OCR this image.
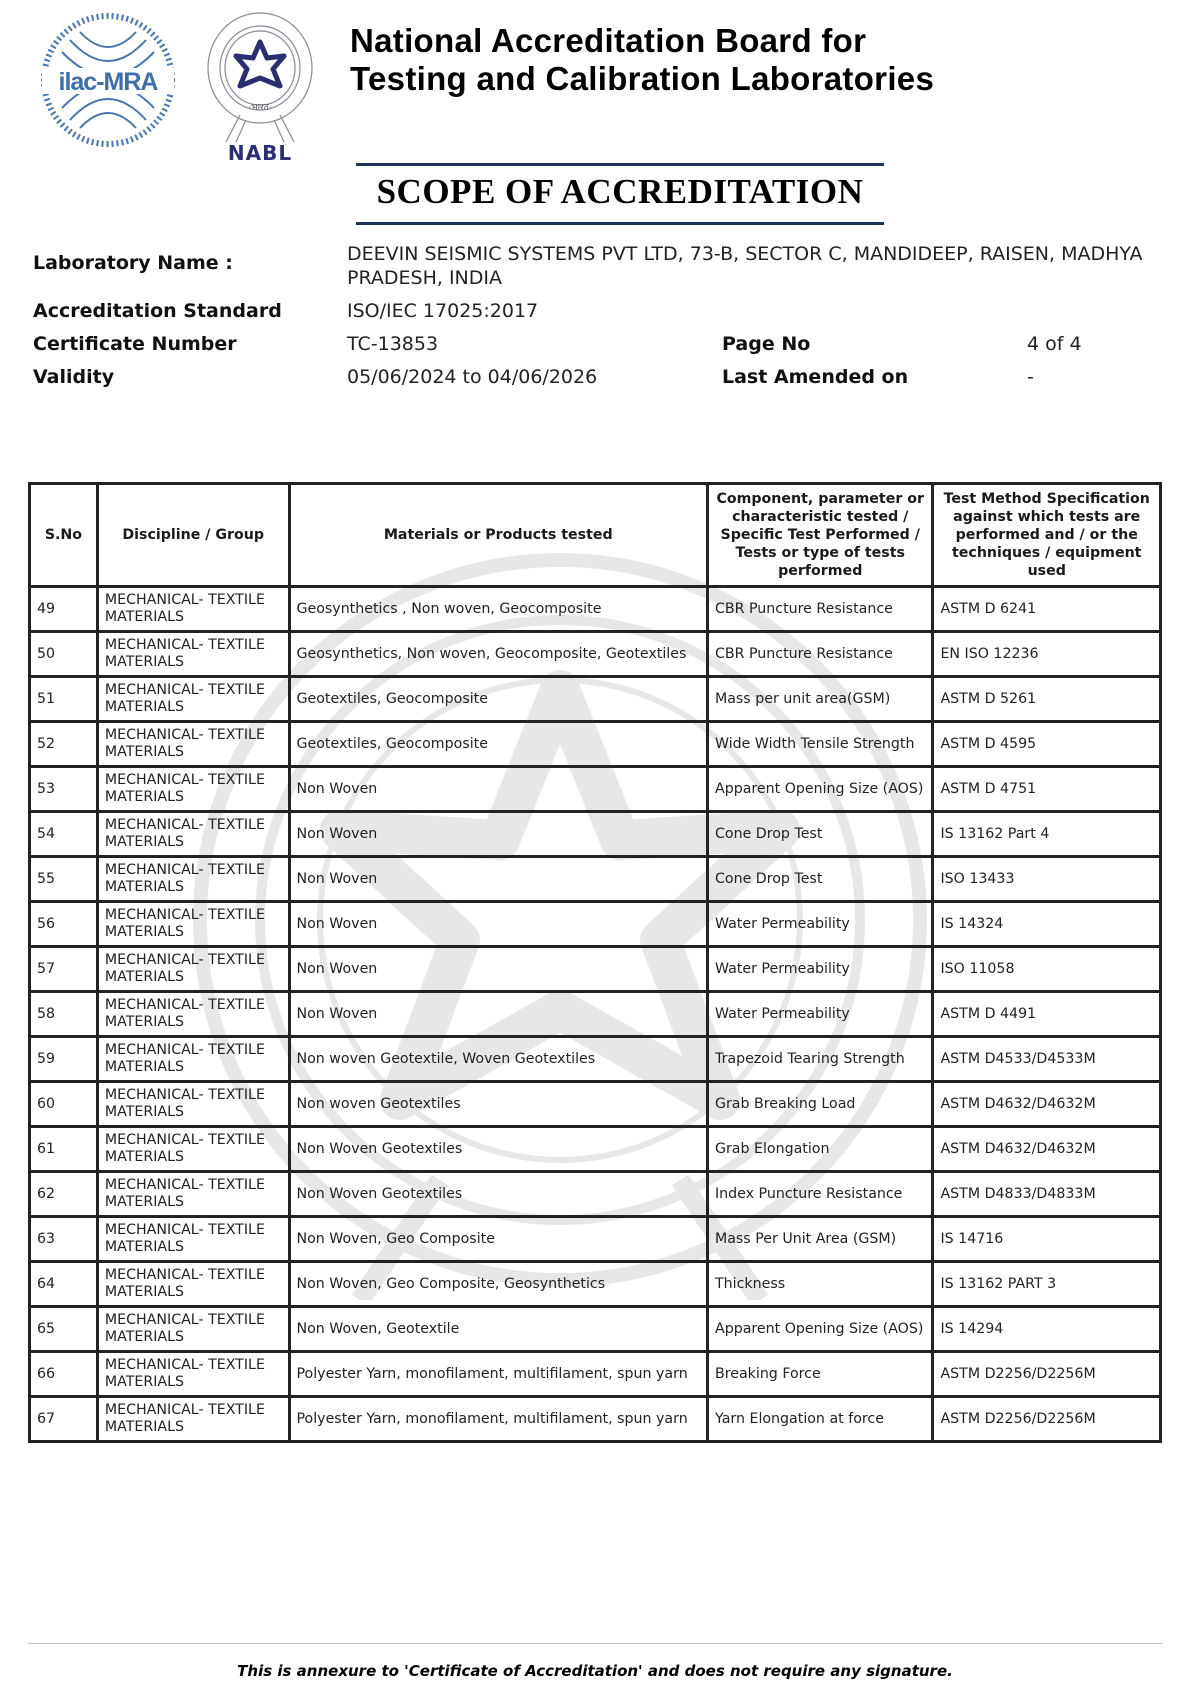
ilac-MRA
·भारत·
NABL
National Accreditation Board for
Testing and Calibration Laboratories
SCOPE OF ACCREDITATION
Laboratory Name :	DEEVIN SEISMIC SYSTEMS PVT LTD, 73-B, SECTOR C, MANDIDEEP, RAISEN, MADHYA
PRADESH, INDIA
Accreditation Standard	ISO/IEC 17025:2017
Certificate Number	TC-13853	Page No	4 of 4
Validity	05/06/2024 to 04/06/2026	Last Amended on	-
S.No	Discipline / Group	Materials or Products tested	Component, parameter or characteristic tested / Specific Test Performed / Tests or type of tests performed	Test Method Specification against which tests are performed and / or the techniques / equipment used
49	MECHANICAL- TEXTILE MATERIALS	Geosynthetics , Non woven, Geocomposite	CBR Puncture Resistance	ASTM D 6241
50	MECHANICAL- TEXTILE MATERIALS	Geosynthetics, Non woven, Geocomposite, Geotextiles	CBR Puncture Resistance	EN ISO 12236
51	MECHANICAL- TEXTILE MATERIALS	Geotextiles, Geocomposite	Mass per unit area(GSM)	ASTM D 5261
52	MECHANICAL- TEXTILE MATERIALS	Geotextiles, Geocomposite	Wide Width Tensile Strength	ASTM D 4595
53	MECHANICAL- TEXTILE MATERIALS	Non Woven	Apparent Opening Size (AOS)	ASTM D 4751
54	MECHANICAL- TEXTILE MATERIALS	Non Woven	Cone Drop Test	IS 13162 Part 4
55	MECHANICAL- TEXTILE MATERIALS	Non Woven	Cone Drop Test	ISO 13433
56	MECHANICAL- TEXTILE MATERIALS	Non Woven	Water Permeability	IS 14324
57	MECHANICAL- TEXTILE MATERIALS	Non Woven	Water Permeability	ISO 11058
58	MECHANICAL- TEXTILE MATERIALS	Non Woven	Water Permeability	ASTM D 4491
59	MECHANICAL- TEXTILE MATERIALS	Non woven Geotextile, Woven Geotextiles	Trapezoid Tearing Strength	ASTM D4533/D4533M
60	MECHANICAL- TEXTILE MATERIALS	Non woven Geotextiles	Grab Breaking Load	ASTM D4632/D4632M
61	MECHANICAL- TEXTILE MATERIALS	Non Woven Geotextiles	Grab Elongation	ASTM D4632/D4632M
62	MECHANICAL- TEXTILE MATERIALS	Non Woven Geotextiles	Index Puncture Resistance	ASTM D4833/D4833M
63	MECHANICAL- TEXTILE MATERIALS	Non Woven, Geo Composite	Mass Per Unit Area (GSM)	IS 14716
64	MECHANICAL- TEXTILE MATERIALS	Non Woven, Geo Composite, Geosynthetics	Thickness	IS 13162 PART 3
65	MECHANICAL- TEXTILE MATERIALS	Non Woven, Geotextile	Apparent Opening Size (AOS)	IS 14294
66	MECHANICAL- TEXTILE MATERIALS	Polyester Yarn, monofilament, multifilament, spun yarn	Breaking Force	ASTM D2256/D2256M
67	MECHANICAL- TEXTILE MATERIALS	Polyester Yarn, monofilament, multifilament, spun yarn	Yarn Elongation at force	ASTM D2256/D2256M
This is annexure to 'Certificate of Accreditation' and does not require any signature.
